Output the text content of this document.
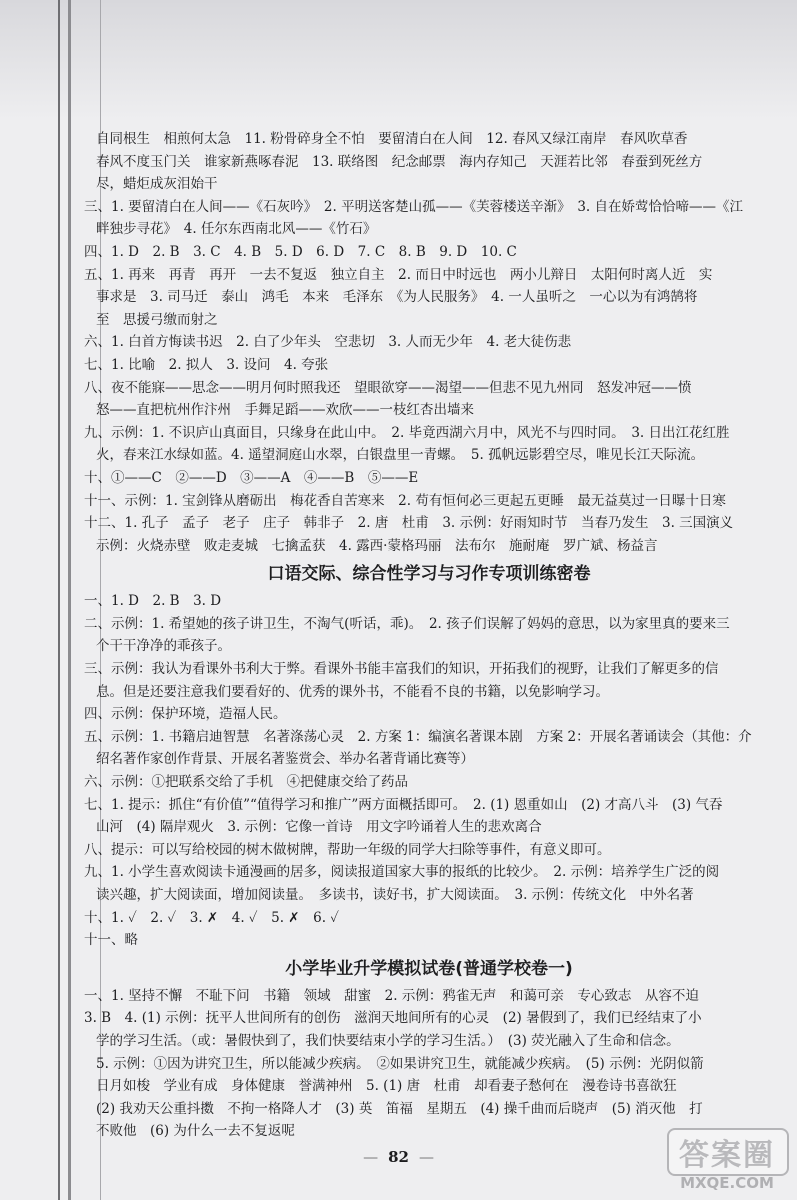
自同根生　相煎何太急　11. 粉骨碎身全不怕　要留清白在人间　12. 春风又绿江南岸　春风吹草香
春风不度玉门关　谁家新燕啄春泥　13. 联络图　纪念邮票　海内存知己　天涯若比邻　春蚕到死丝方
尽，蜡炬成灰泪始干
三、1. 要留清白在人间——《石灰吟》　2. 平明送客楚山孤——《芙蓉楼送辛渐》　3. 自在娇莺恰恰啼——《江
畔独步寻花》　4. 任尔东西南北风——《竹石》
四、1. D　2. B　3. C　4. B　5. D　6. D　7. C　8. B　9. D　10. C
五、1. 再来　再青　再开　一去不复返　独立自主　2. 而日中时远也　两小儿辩日　太阳何时离人近　实
事求是　3. 司马迁　泰山　鸿毛　本来　毛泽东　《为人民服务》　4. 一人虽听之　一心以为有鸿鹄将
至　思援弓缴而射之
六、1. 白首方悔读书迟　2. 白了少年头　空悲切　3. 人而无少年　4. 老大徒伤悲
七、1. 比喻　2. 拟人　3. 设问　4. 夸张
八、夜不能寐——思念——明月何时照我还　望眼欲穿——渴望——但悲不见九州同　怒发冲冠——愤
怒——直把杭州作汴州　手舞足蹈——欢欣——一枝红杏出墙来
九、示例：1. 不识庐山真面目，只缘身在此山中。　2. 毕竟西湖六月中，风光不与四时同。　3. 日出江花红胜
火，春来江水绿如蓝。4. 遥望洞庭山水翠，白银盘里一青螺。　5. 孤帆远影碧空尽，唯见长江天际流。
十、①——C　②——D　③——A　④——B　⑤——E
十一、示例：1. 宝剑锋从磨砺出　梅花香自苦寒来　2. 苟有恒何必三更起五更睡　最无益莫过一日曝十日寒
十二、1. 孔子　孟子　老子　庄子　韩非子　2. 唐　杜甫　3. 示例：好雨知时节　当春乃发生　3. 三国演义
示例：火烧赤壁　败走麦城　七擒孟获　4. 露西·蒙格玛丽　法布尔　施耐庵　罗广斌、杨益言
口语交际、综合性学习与习作专项训练密卷
一、1. D　2. B　3. D
二、示例：1. 希望她的孩子讲卫生，不淘气(听话，乖)。　2. 孩子们误解了妈妈的意思，以为家里真的要来三
个干干净净的乖孩子。
三、示例：我认为看课外书利大于弊。看课外书能丰富我们的知识，开拓我们的视野，让我们了解更多的信
息。但是还要注意我们要看好的、优秀的课外书，不能看不良的书籍，以免影响学习。
四、示例：保护环境，造福人民。
五、示例：1. 书籍启迪智慧　名著涤荡心灵　2. 方案 1：编演名著课本剧　方案 2：开展名著诵读会（其他：介
绍名著作家创作背景、开展名著鉴赏会、举办名著背诵比赛等）
六、示例：①把联系交给了手机　④把健康交给了药品
七、1. 提示：抓住“有价值”“值得学习和推广”两方面概括即可。　2. (1) 恩重如山　(2) 才高八斗　(3) 气吞
山河　(4) 隔岸观火　3. 示例：它像一首诗　用文字吟诵着人生的悲欢离合
八、提示：可以写给校园的树木做树牌，帮助一年级的同学大扫除等事件，有意义即可。
九、1. 小学生喜欢阅读卡通漫画的居多，阅读报道国家大事的报纸的比较少。　2. 示例：培养学生广泛的阅
读兴趣，扩大阅读面，增加阅读量。　多读书，读好书，扩大阅读面。　3. 示例：传统文化　中外名著
十、1. ✓　2. ✓　3. ✗　4. ✓　5. ✗　6. ✓
十一、略
小学毕业升学模拟试卷(普通学校卷一)
一、1. 坚持不懈　不耻下问　书籍　领域　甜蜜　2. 示例：鸦雀无声　和蔼可亲　专心致志　从容不迫
3. B　4. (1) 示例：抚平人世间所有的创伤　滋润天地间所有的心灵　(2) 暑假到了，我们已经结束了小
学的学习生活。（或：暑假快到了，我们快要结束小学的学习生活。）　(3) 荧光融入了生命和信念。
5. 示例：①因为讲究卫生，所以能减少疾病。　②如果讲究卫生，就能减少疾病。　(5) 示例：光阴似箭
日月如梭　学业有成　身体健康　誉满神州　5. (1) 唐　杜甫　却看妻子愁何在　漫卷诗书喜欲狂
(2) 我劝天公重抖擞　不拘一格降人才　(3) 英　笛福　星期五　(4) 操千曲而后晓声　(5) 消灭他　打
不败他　(6) 为什么一去不复返呢
— 82 —	答案圈
MXQE.COM
